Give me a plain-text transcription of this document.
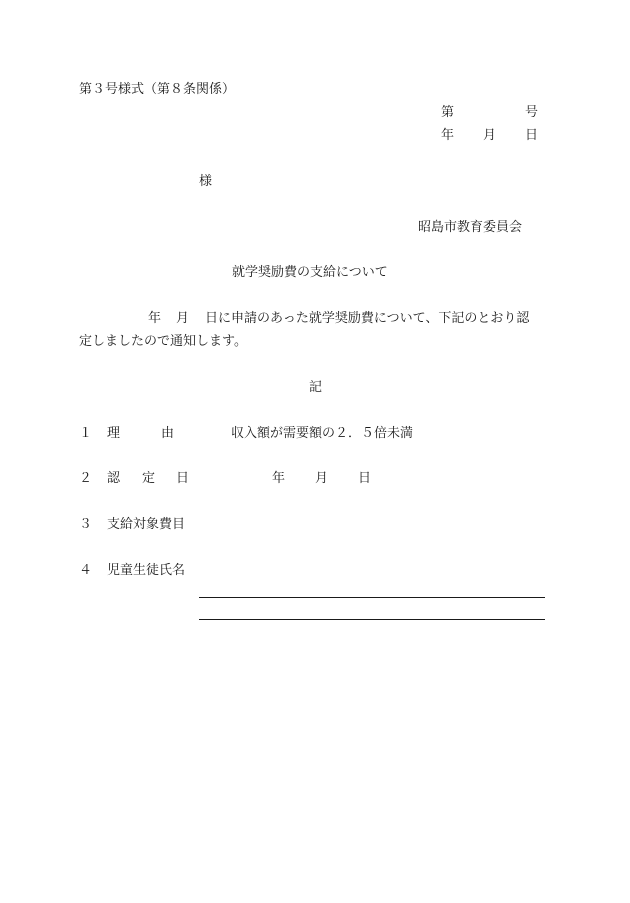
第３号様式（第８条関係）
第	号
年 月 日
様
昭島市教育委員会
就学奨励費の支給について
年 月 日に申請のあった就学奨励費について、下記のとおり認
定しましたので通知します。
記
１ 理	由	収入額が需要額の２．５倍未満
２ 認 定 日	年 月 日
３ 支給対象費目
４ 児童生徒氏名
